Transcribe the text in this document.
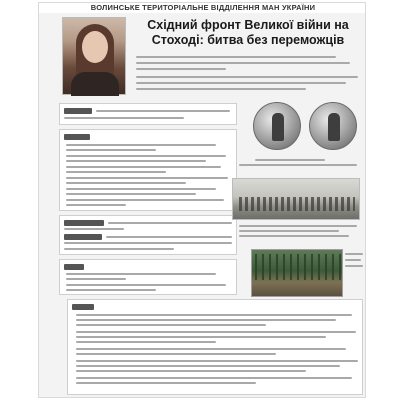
ВОЛИНСЬКЕ ТЕРИТОРІАЛЬНЕ ВІДДІЛЕННЯ МАН УКРАЇНИ
Східний фронт Великої війни на Стоході: битва без переможців
